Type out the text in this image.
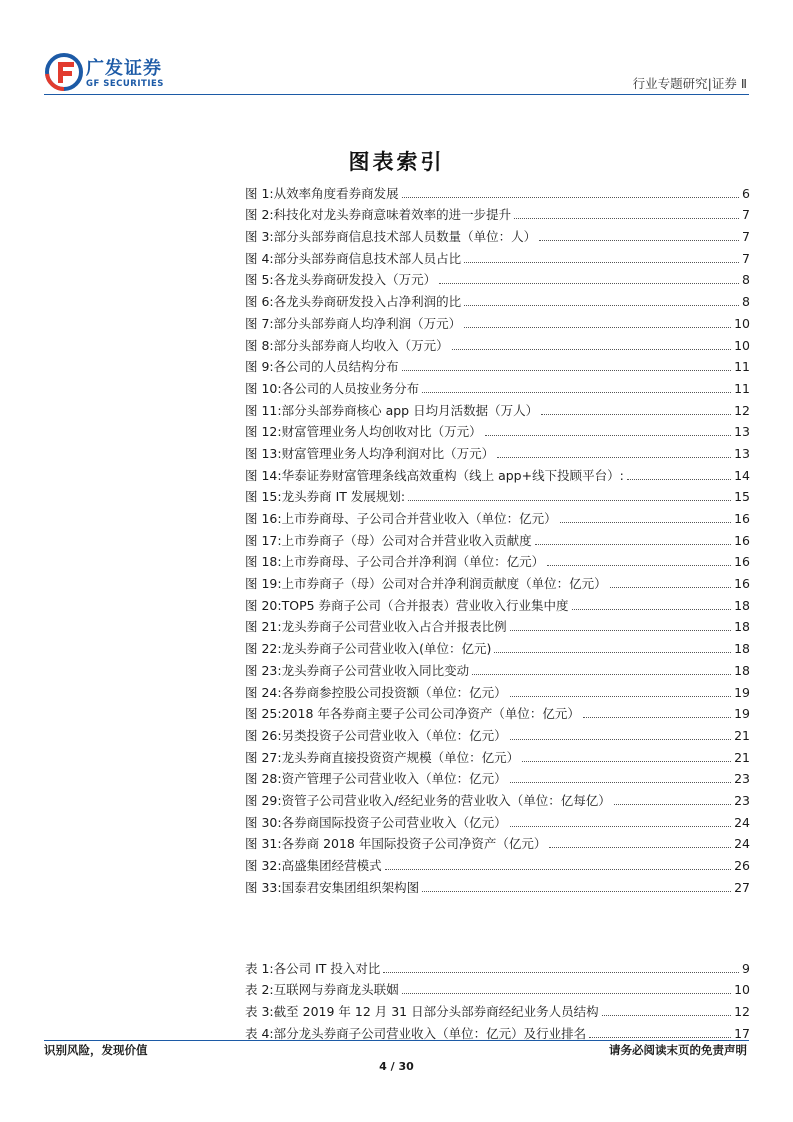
广发证券
GF SECURITIES	行业专题研究|证券 Ⅱ
图表索引
图 1: 从效率角度看券商发展	6
图 2: 科技化对龙头券商意味着效率的进一步提升	7
图 3: 部分头部券商信息技术部人员数量（单位：人）	7
图 4: 部分头部券商信息技术部人员占比	7
图 5: 各龙头券商研发投入（万元）	8
图 6: 各龙头券商研发投入占净利润的比	8
图 7: 部分头部券商人均净利润（万元）	10
图 8: 部分头部券商人均收入（万元）	10
图 9: 各公司的人员结构分布	11
图 10: 各公司的人员按业务分布	11
图 11: 部分头部券商核心 app 日均月活数据（万人）	12
图 12: 财富管理业务人均创收对比（万元）	13
图 13: 财富管理业务人均净利润对比（万元）	13
图 14: 华泰证券财富管理条线高效重构（线上 app+线下投顾平台）:	14
图 15: 龙头券商 IT 发展规划:	15
图 16: 上市券商母、子公司合并营业收入（单位：亿元）	16
图 17: 上市券商子（母）公司对合并营业收入贡献度	16
图 18: 上市券商母、子公司合并净利润（单位：亿元）	16
图 19: 上市券商子（母）公司对合并净利润贡献度（单位：亿元）	16
图 20: TOP5 券商子公司（合并报表）营业收入行业集中度	18
图 21: 龙头券商子公司营业收入占合并报表比例	18
图 22: 龙头券商子公司营业收入(单位：亿元)	18
图 23: 龙头券商子公司营业收入同比变动	18
图 24: 各券商参控股公司投资额（单位：亿元）	19
图 25: 2018 年各券商主要子公司公司净资产（单位：亿元）	19
图 26: 另类投资子公司营业收入（单位：亿元）	21
图 27: 龙头券商直接投资资产规模（单位：亿元）	21
图 28: 资产管理子公司营业收入（单位：亿元）	23
图 29: 资管子公司营业收入/经纪业务的营业收入（单位：亿每亿）	23
图 30: 各券商国际投资子公司营业收入（亿元）	24
图 31: 各券商 2018 年国际投资子公司净资产（亿元）	24
图 32: 高盛集团经营模式	26
图 33: 国泰君安集团组织架构图	27
表 1: 各公司 IT 投入对比	9
表 2: 互联网与券商龙头联姻	10
表 3: 截至 2019 年 12 月 31 日部分头部券商经纪业务人员结构	12
表 4: 部分龙头券商子公司营业收入（单位：亿元）及行业排名	17
识别风险，发现价值	请务必阅读末页的免责声明
4 / 30
